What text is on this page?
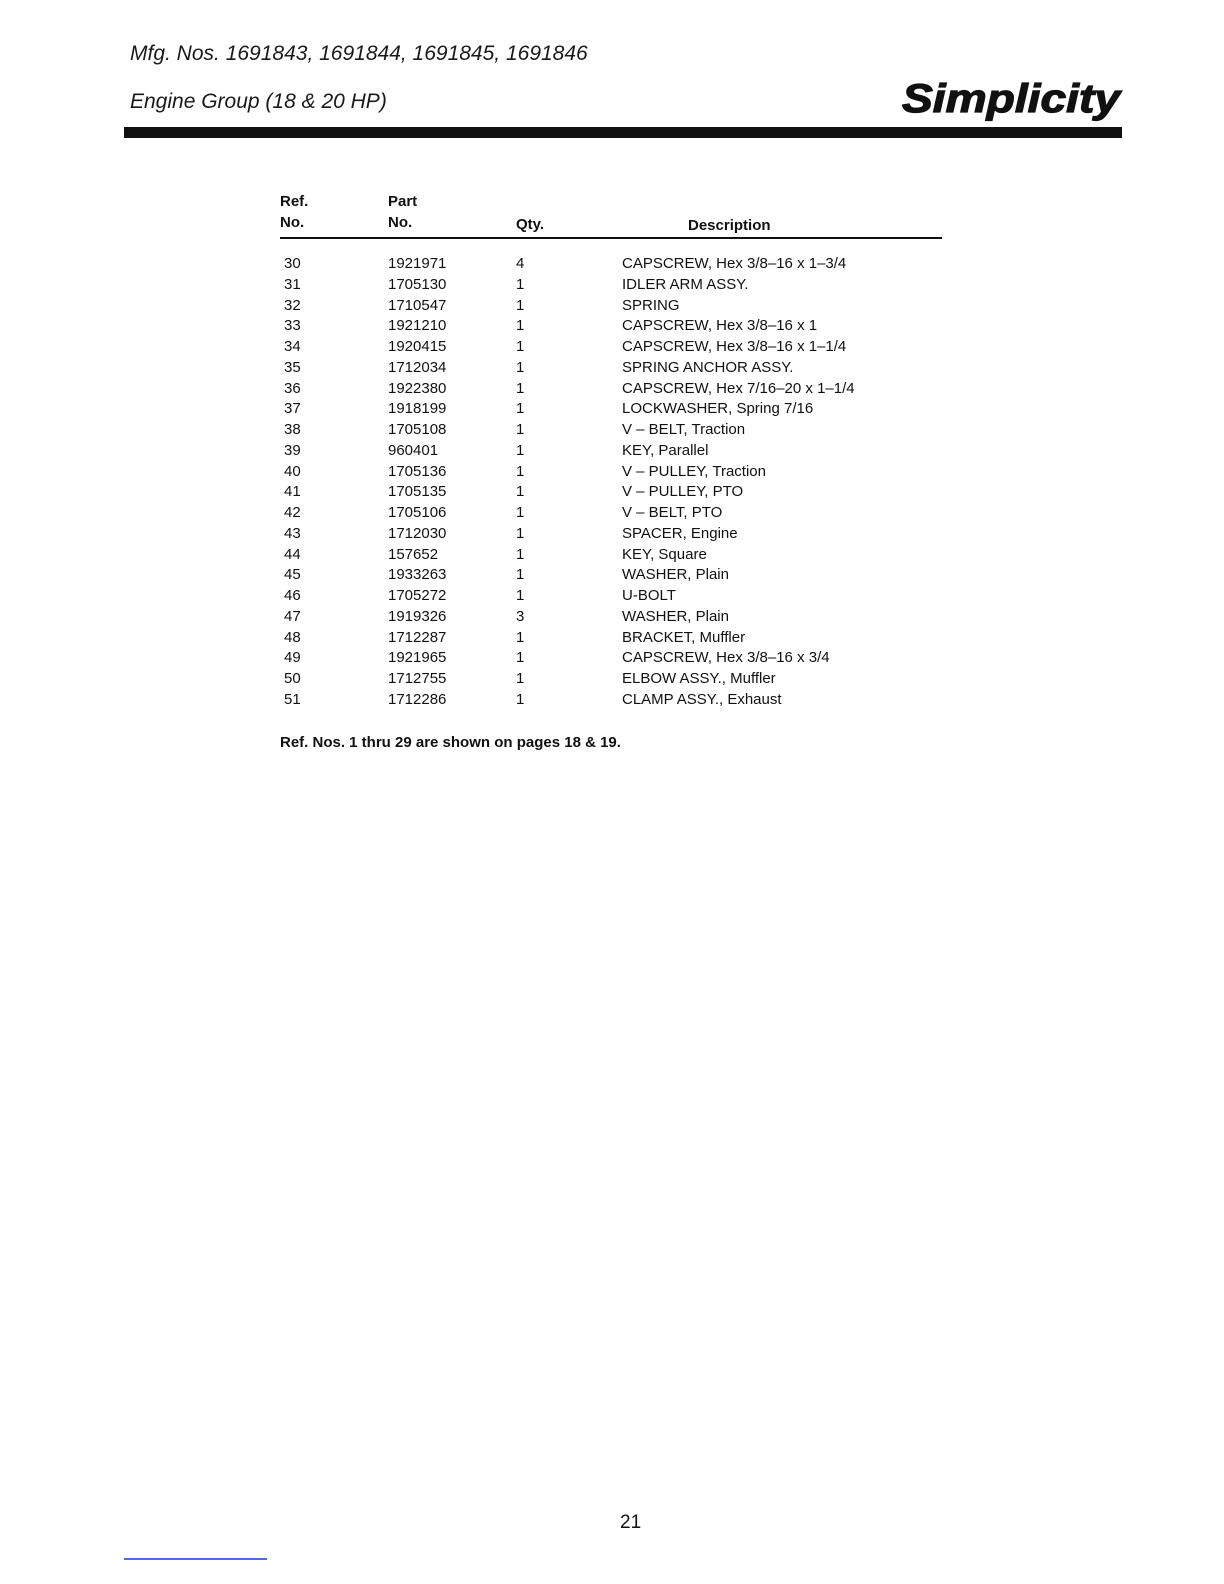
Mfg. Nos. 1691843, 1691844, 1691845, 1691846
Engine Group (18 & 20 HP)	Simplicity
Ref.
No.
Part
No.	Qty.	Description
30	1921971	4	CAPSCREW, Hex 3/8–16 x 1–3/4
31	1705130	1	IDLER ARM ASSY.
32	1710547	1	SPRING
33	1921210	1	CAPSCREW, Hex 3/8–16 x 1
34	1920415	1	CAPSCREW, Hex 3/8–16 x 1–1/4
35	1712034	1	SPRING ANCHOR ASSY.
36	1922380	1	CAPSCREW, Hex 7/16–20 x 1–1/4
37	1918199	1	LOCKWASHER, Spring 7/16
38	1705108	1	V – BELT, Traction
39	960401	1	KEY, Parallel
40	1705136	1	V – PULLEY, Traction
41	1705135	1	V – PULLEY, PTO
42	1705106	1	V – BELT, PTO
43	1712030	1	SPACER, Engine
44	157652	1	KEY, Square
45	1933263	1	WASHER, Plain
46	1705272	1	U-BOLT
47	1919326	3	WASHER, Plain
48	1712287	1	BRACKET, Muffler
49	1921965	1	CAPSCREW, Hex 3/8–16 x 3/4
50	1712755	1	ELBOW ASSY., Muffler
51	1712286	1	CLAMP ASSY., Exhaust
Ref. Nos. 1 thru 29 are shown on pages 18 & 19.
21
